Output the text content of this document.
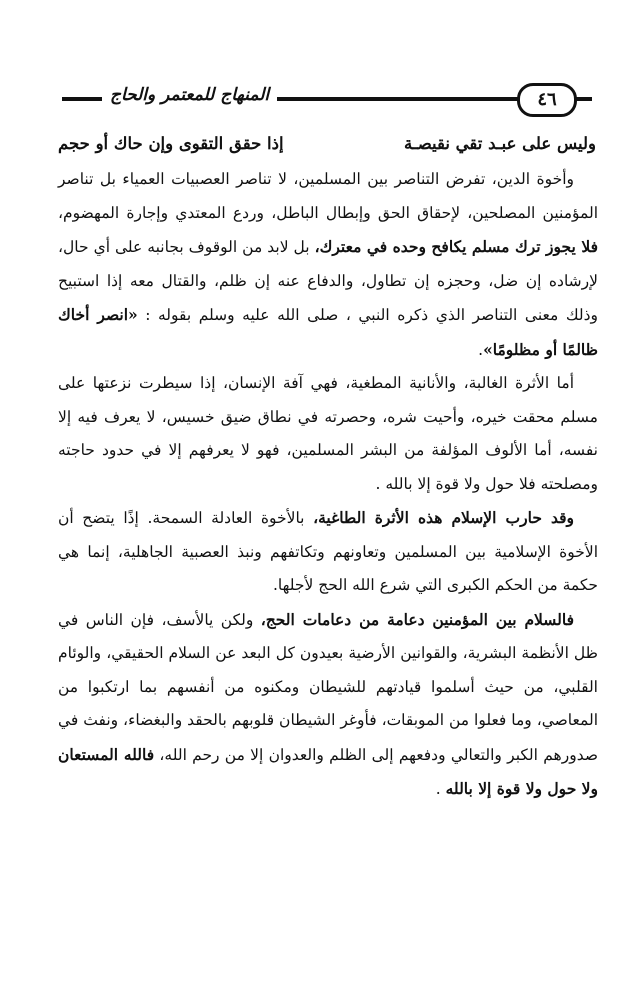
المنهاج للمعتمر والحاج	٤٦
وليس على عبـد تقي نقيصـة
إذا حقق التقوى وإن حاك أو حجم

وأخوة الدين، تفرض التناصر بين المسلمين، لا تناصر العصبيات العمياء بل تناصر المؤمنين المصلحين، لإحقاق الحق وإبطال الباطل، وردع المعتدي وإجارة المهضوم، فلا يجوز ترك مسلم يكافح وحده في معترك، بل لابد من الوقوف بجانبه على أي حال، لإرشاده إن ضل، وحجزه إن تطاول، والدفاع عنه إن ظلم، والقتال معه إذا استبيح وذلك معنى التناصر الذي ذكره النبي ، صلى الله عليه وسلم بقوله : «انصر أخاك ظالمًا أو مظلومًا».

أما الأثرة الغالبة، والأنانية المطغية، فهي آفة الإنسان، إذا سيطرت نزعتها على مسلم محقت خيره، وأحيت شره، وحصرته في نطاق ضيق خسيس، لا يعرف فيه إلا نفسه، أما الألوف المؤلفة من البشر المسلمين، فهو لا يعرفهم إلا في حدود حاجته ومصلحته فلا حول ولا قوة إلا بالله .

وقد حارب الإسلام هذه الأثرة الطاغية، بالأخوة العادلة السمحة. إذًا يتضح أن الأخوة الإسلامية بين المسلمين وتعاونهم وتكاتفهم ونبذ العصبية الجاهلية، إنما هي حكمة من الحكم الكبرى التي شرع الله الحج لأجلها.

فالسلام بين المؤمنين دعامة من دعامات الحج، ولكن يالأسف، فإن الناس في ظل الأنظمة البشرية، والقوانين الأرضية بعيدون كل البعد عن السلام الحقيقي، والوئام القلبي، من حيث أسلموا قيادتهم للشيطان ومكنوه من أنفسهم بما ارتكبوا من المعاصي، وما فعلوا من الموبقات، فأوغر الشيطان قلوبهم بالحقد والبغضاء، ونفث في صدورهم الكبر والتعالي ودفعهم إلى الظلم والعدوان إلا من رحم الله، فالله المستعان ولا حول ولا قوة إلا بالله .
